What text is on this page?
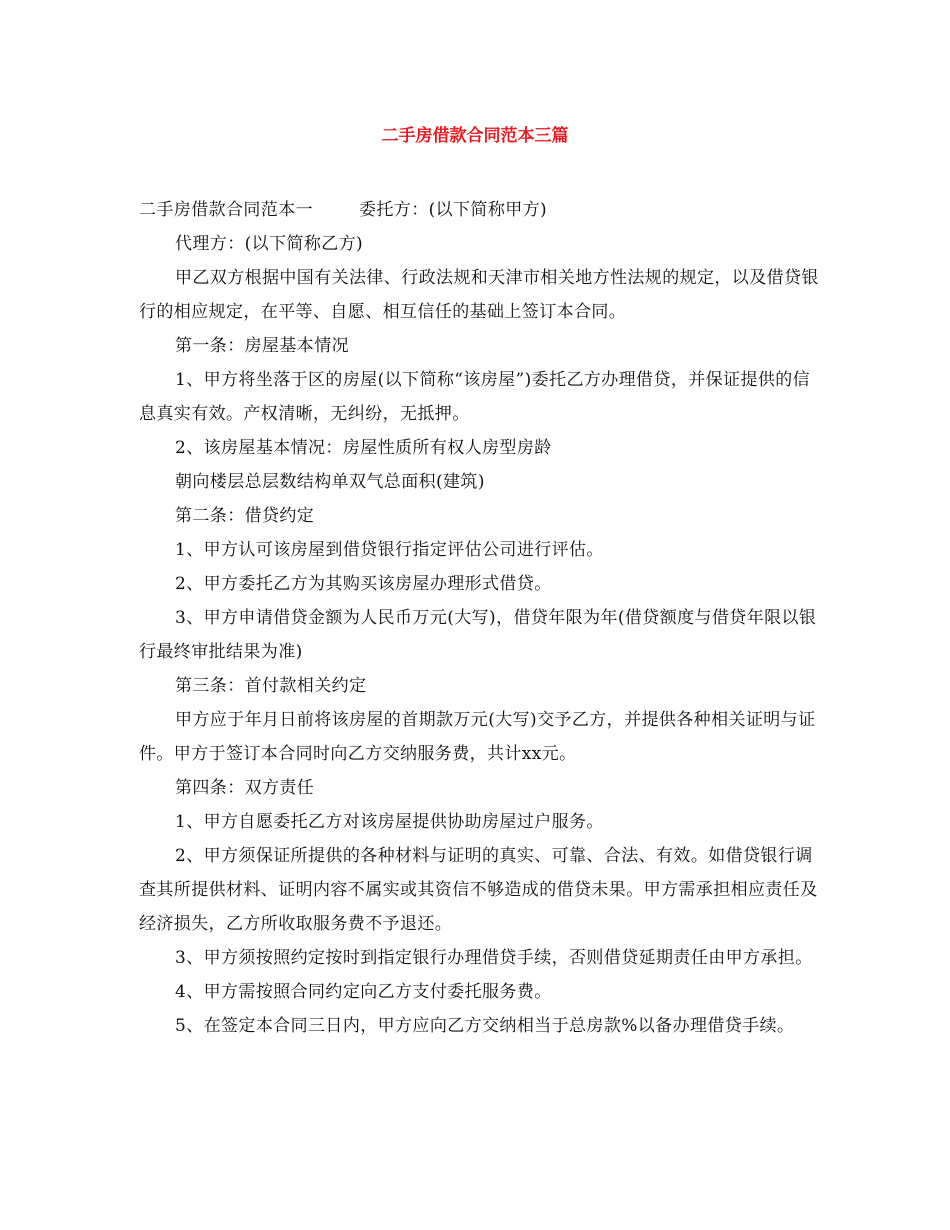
二手房借款合同范本三篇

二手房借款合同范本一	委托方：(以下简称甲方)

代理方：(以下简称乙方)

甲乙双方根据中国有关法律、行政法规和天津市相关地方性法规的规定，以及借贷银行的相应规定，在平等、自愿、相互信任的基础上签订本合同。

第一条：房屋基本情况

1、甲方将坐落于区的房屋(以下简称“该房屋”)委托乙方办理借贷，并保证提供的信息真实有效。产权清晰，无纠纷，无抵押。

2、该房屋基本情况：房屋性质所有权人房型房龄

朝向楼层总层数结构单双气总面积(建筑)

第二条：借贷约定

1、甲方认可该房屋到借贷银行指定评估公司进行评估。

2、甲方委托乙方为其购买该房屋办理形式借贷。

3、甲方申请借贷金额为人民币万元(大写)，借贷年限为年(借贷额度与借贷年限以银行最终审批结果为准)

第三条：首付款相关约定

甲方应于年月日前将该房屋的首期款万元(大写)交予乙方，并提供各种相关证明与证件。甲方于签订本合同时向乙方交纳服务费，共计xx元。

第四条：双方责任

1、甲方自愿委托乙方对该房屋提供协助房屋过户服务。

2、甲方须保证所提供的各种材料与证明的真实、可靠、合法、有效。如借贷银行调查其所提供材料、证明内容不属实或其资信不够造成的借贷未果。甲方需承担相应责任及经济损失，乙方所收取服务费不予退还。

3、甲方须按照约定按时到指定银行办理借贷手续，否则借贷延期责任由甲方承担。

4、甲方需按照合同约定向乙方支付委托服务费。

5、在签定本合同三日内，甲方应向乙方交纳相当于总房款%以备办理借贷手续。
